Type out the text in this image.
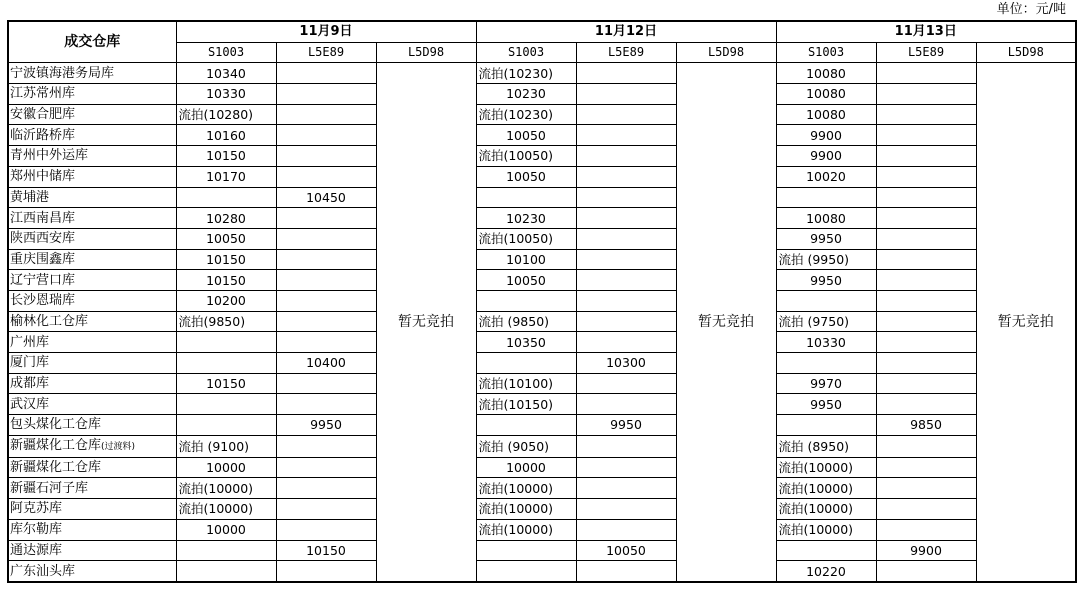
单位：元/吨
成交仓库	11月9日			11月12日			11月13日		
	S1003	L5E89	L5D98	S1003	L5E89	L5D98	S1003	L5E89	L5D98
宁波镇海港务局库	10340		暂无竞拍	流拍(10230)		暂无竞拍	10080		暂无竞拍
江苏常州库	10330			10230			10080		
安徽合肥库	流拍(10280)			流拍(10230)			10080		
临沂路桥库	10160			10050			9900		
青州中外运库	10150			流拍(10050)			9900		
郑州中储库	10170			10050			10020		
黄埔港		10450							
江西南昌库	10280			10230			10080		
陕西西安库	10050			流拍(10050)			9950		
重庆围鑫库	10150			10100			流拍 (9950)		
辽宁营口库	10150			10050			9950		
长沙恩瑞库	10200								
榆林化工仓库	流拍(9850)			流拍 (9850)			流拍 (9750)		
广州库				10350			10330		
厦门库		10400			10300				
成都库	10150			流拍(10100)			9970		
武汉库				流拍(10150)			9950		
包头煤化工仓库		9950			9950			9850	
新疆煤化工仓库(过渡料)	流拍 (9100)			流拍 (9050)			流拍 (8950)		
新疆煤化工仓库	10000			10000			流拍(10000)		
新疆石河子库	流拍(10000)			流拍(10000)			流拍(10000)		
阿克苏库	流拍(10000)			流拍(10000)			流拍(10000)		
库尔勒库	10000			流拍(10000)			流拍(10000)		
通达源库		10150			10050			9900	
广东汕头库							10220		
